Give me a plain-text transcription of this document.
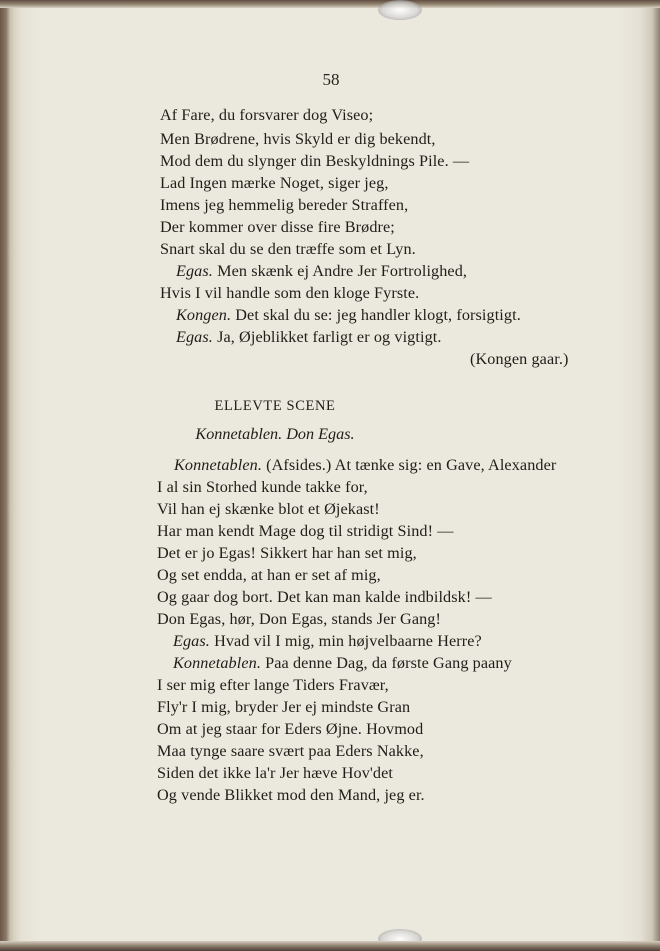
58
Af Fare, du forsvarer dog Viseo;
Men Brødrene, hvis Skyld er dig bekendt,
Mod dem du slynger din Beskyldnings Pile. —
Lad Ingen mærke Noget, siger jeg,
Imens jeg hemmelig bereder Straffen,
Der kommer over disse fire Brødre;
Snart skal du se den træffe som et Lyn.
Egas. Men skænk ej Andre Jer Fortrolighed,
Hvis I vil handle som den kloge Fyrste.
Kongen. Det skal du se: jeg handler klogt, forsigtigt.
Egas. Ja, Øjeblikket farligt er og vigtigt.
(Kongen gaar.)
ELLEVTE SCENE
Konnetablen. Don Egas.
Konnetablen. (Afsides.) At tænke sig: en Gave, Alexander
I al sin Storhed kunde takke for,
Vil han ej skænke blot et Øjekast!
Har man kendt Mage dog til stridigt Sind! —
Det er jo Egas! Sikkert har han set mig,
Og set endda, at han er set af mig,
Og gaar dog bort. Det kan man kalde indbildsk! —
Don Egas, hør, Don Egas, stands Jer Gang!
Egas. Hvad vil I mig, min højvelbaarne Herre?
Konnetablen. Paa denne Dag, da første Gang paany
I ser mig efter lange Tiders Fravær,
Fly'r I mig, bryder Jer ej mindste Gran
Om at jeg staar for Eders Øjne. Hovmod
Maa tynge saare svært paa Eders Nakke,
Siden det ikke la'r Jer hæve Hov'det
Og vende Blikket mod den Mand, jeg er.
